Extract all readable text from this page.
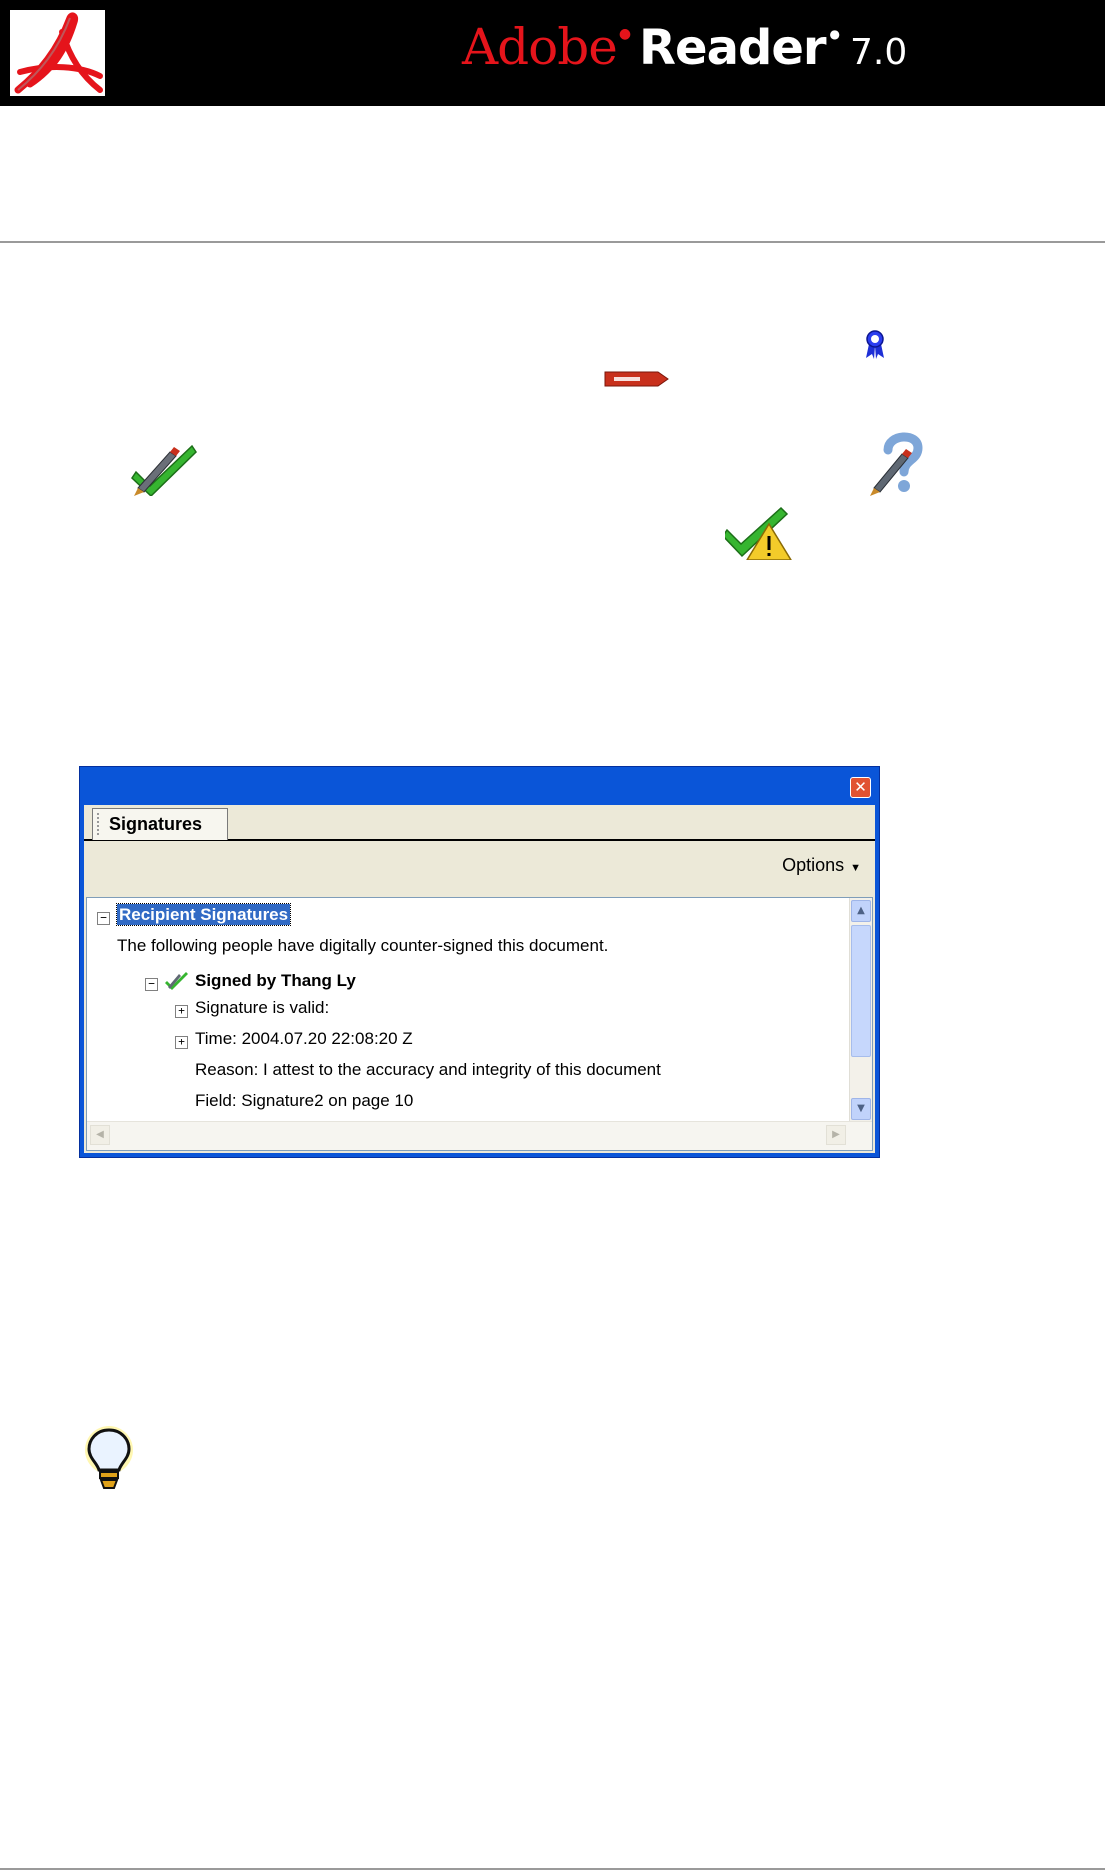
Adobe ● Reader ● 7.0
✕
Signatures
Options ▼
− Recipient Signatures
The following people have digitally counter-signed this document.
− Signed by Thang Ly
+ Signature is valid:
+ Time: 2004.07.20 22:08:20 Z
Reason: I attest to the accuracy and integrity of this document
Field: Signature2 on page 10
▲
▼
◀	▶
